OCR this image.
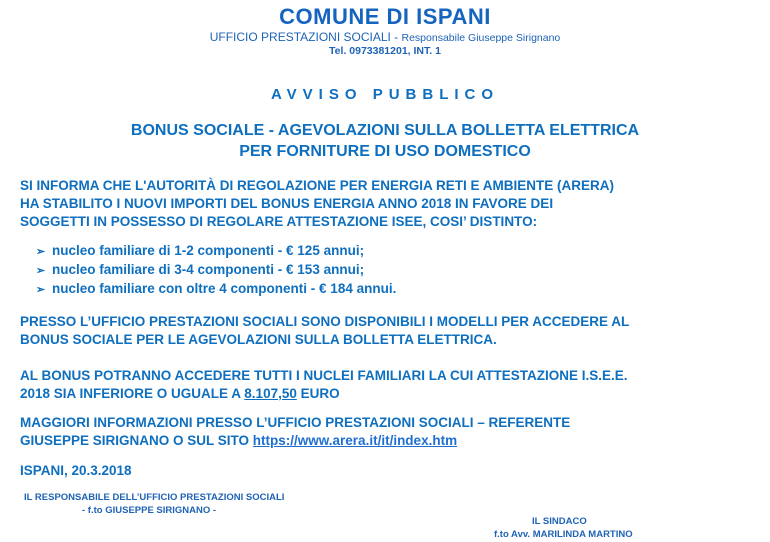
COMUNE DI ISPANI
UFFICIO PRESTAZIONI SOCIALI - Responsabile Giuseppe Sirignano
Tel. 0973381201, INT. 1
AVVISO PUBBLICO
BONUS SOCIALE - AGEVOLAZIONI SULLA BOLLETTA ELETTRICA
PER FORNITURE DI USO DOMESTICO
SI INFORMA CHE L'AUTORITÀ DI REGOLAZIONE PER ENERGIA RETI E AMBIENTE (ARERA)
HA STABILITO I NUOVI IMPORTI DEL BONUS ENERGIA ANNO 2018 IN FAVORE DEI
SOGGETTI IN POSSESSO DI REGOLARE ATTESTAZIONE ISEE, COSI’ DISTINTO:
➢ nucleo familiare di 1-2 componenti - € 125 annui;
➢ nucleo familiare di 3-4 componenti - € 153 annui;
➢ nucleo familiare con oltre 4 componenti - € 184 annui.
PRESSO L’UFFICIO PRESTAZIONI SOCIALI SONO DISPONIBILI I MODELLI PER ACCEDERE AL
BONUS SOCIALE PER LE AGEVOLAZIONI SULLA BOLLETTA ELETTRICA.
AL BONUS POTRANNO ACCEDERE TUTTI I NUCLEI FAMILIARI LA CUI ATTESTAZIONE I.S.E.E.
2018 SIA INFERIORE O UGUALE A 8.107,50 EURO
MAGGIORI INFORMAZIONI PRESSO L’UFFICIO PRESTAZIONI SOCIALI – REFERENTE
GIUSEPPE SIRIGNANO O SUL SITO https://www.arera.it/it/index.htm
ISPANI, 20.3.2018
IL RESPONSABILE DELL’UFFICIO PRESTAZIONI SOCIALI
- f.to GIUSEPPE SIRIGNANO -
IL SINDACO
f.to Avv. MARILINDA MARTINO
